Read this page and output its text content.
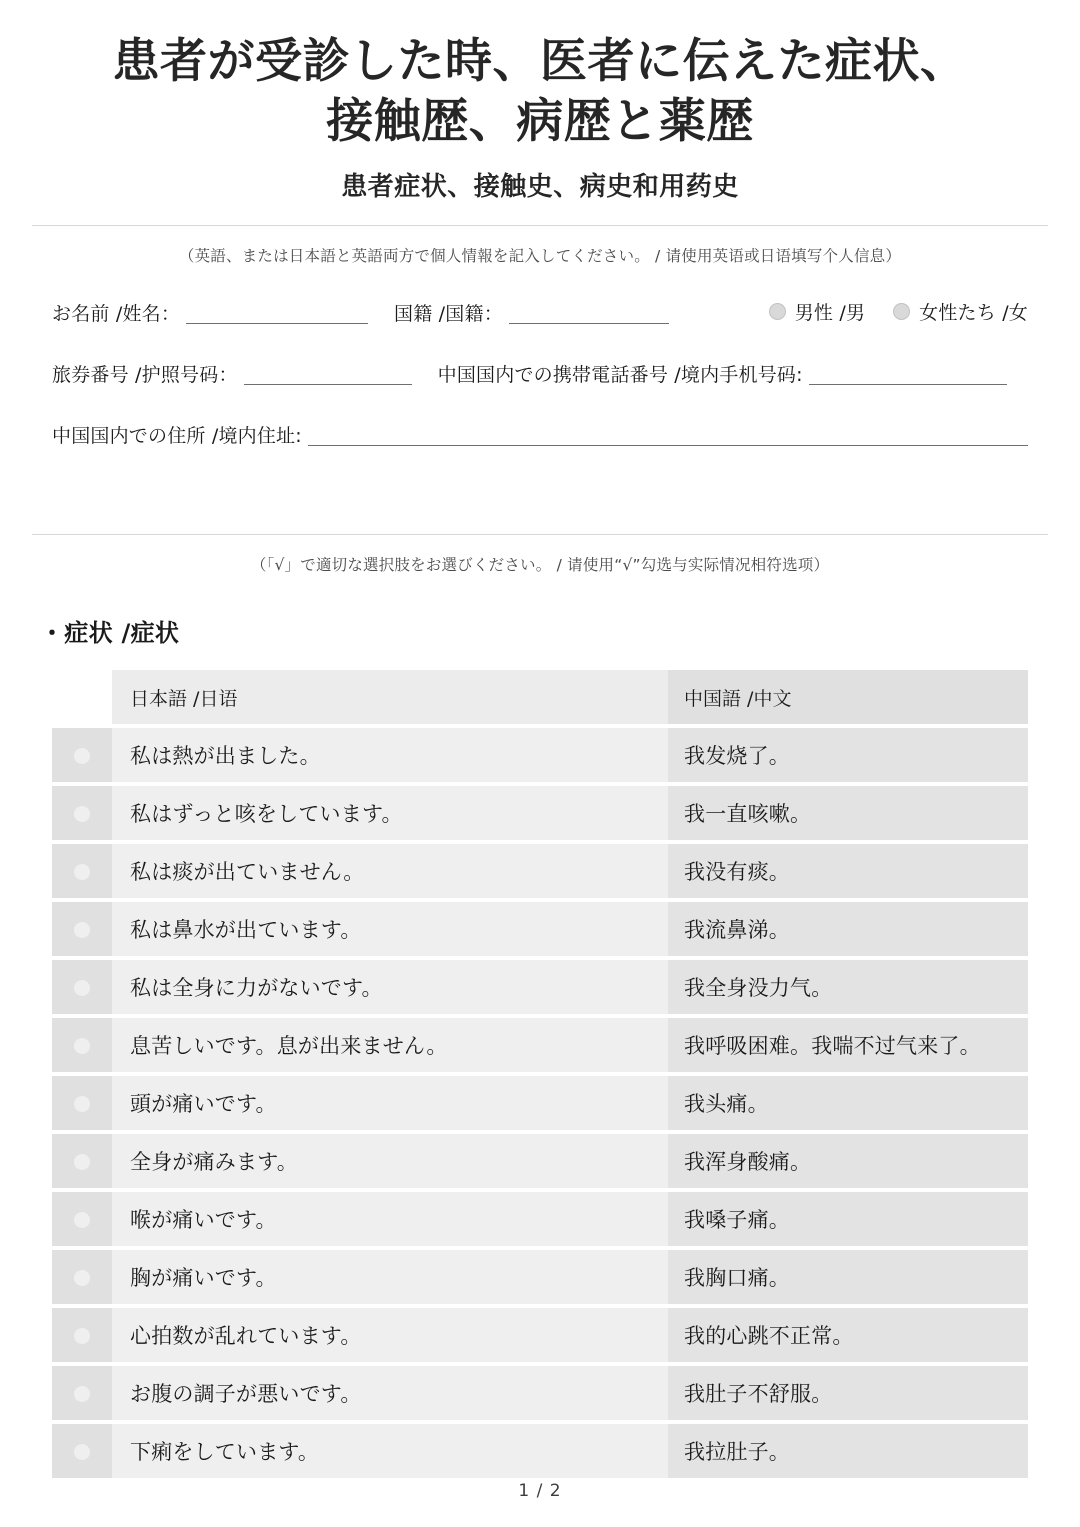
患者が受診した時、医者に伝えた症状、
接触歴、病歴と薬歴
患者症状、接触史、病史和用药史
（英語、または日本語と英語両方で個人情報を記入してください。 / 请使用英语或日语填写个人信息）
お名前 /姓名：	国籍 /国籍：	男性 /男	女性たち /女
旅券番号 /护照号码：	中国国内での携帯電話番号 /境内手机号码:
中国国内での住所 /境内住址:
（「√」で適切な選択肢をお選びください。 / 请使用“√”勾选与实际情况相符选项）
・症状 /症状
	日本語 /日语	中国語 /中文
	私は熱が出ました。	我发烧了。
	私はずっと咳をしています。	我一直咳嗽。
	私は痰が出ていません。	我没有痰。
	私は鼻水が出ています。	我流鼻涕。
	私は全身に力がないです。	我全身没力气。
	息苦しいです。息が出来ません。	我呼吸困难。我喘不过气来了。
	頭が痛いです。	我头痛。
	全身が痛みます。	我浑身酸痛。
	喉が痛いです。	我嗓子痛。
	胸が痛いです。	我胸口痛。
	心拍数が乱れています。	我的心跳不正常。
	お腹の調子が悪いです。	我肚子不舒服。
	下痢をしています。	我拉肚子。
1 / 2
